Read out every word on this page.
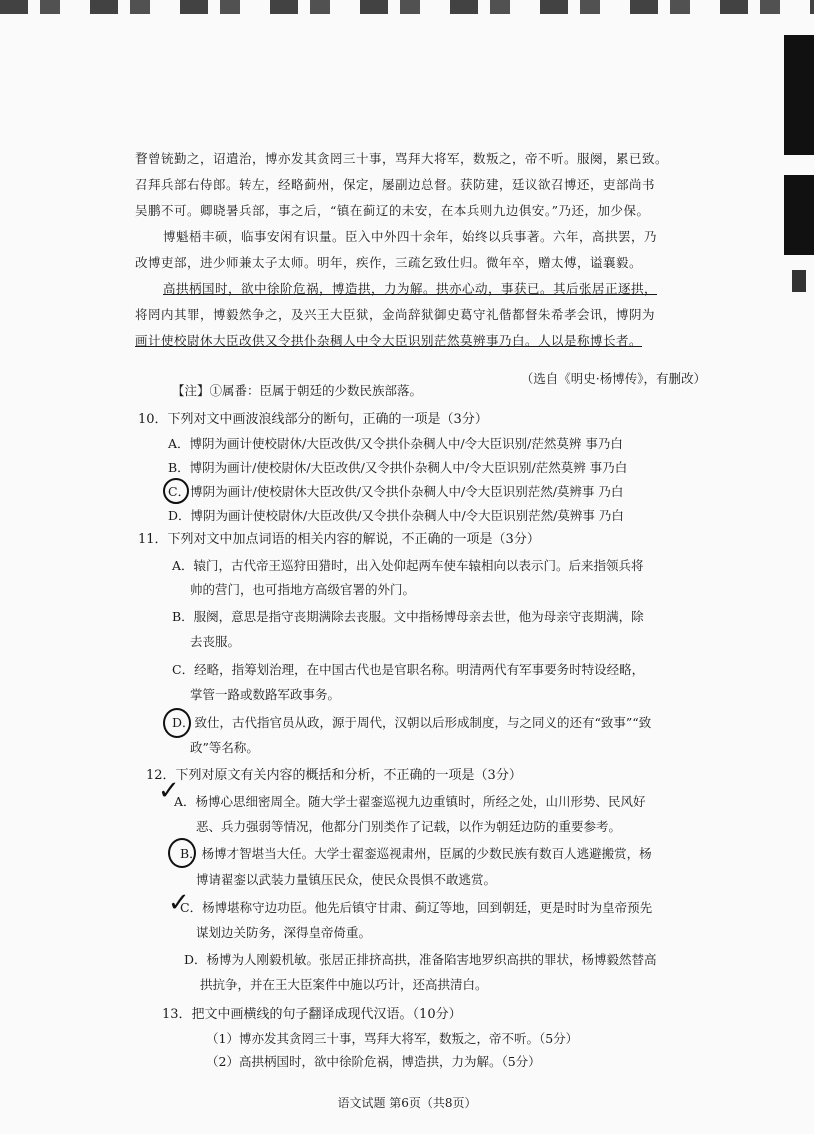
瞀曾铳勤之，诏遣治，博亦发其贪罔三十事，骂拜大将军，数叛之，帝不听。服阕，累已致。

召拜兵部右侍郎。转左，经略蓟州，保定，屡副边总督。获防建，廷议欲召博还，吏部尚书

吴鹏不可。卿晓暑兵部，事之后，“镇在蓟辽的未安，在本兵则九边俱安。”乃还，加少保。

博魁梧丰硕，临事安闲有识量。臣入中外四十余年，始终以兵事著。六年，高拱罢，乃

改博吏部，进少师兼太子太师。明年，疾作，三疏乞致仕归。微年卒，赠太傅，谥襄毅。

高拱柄国时，欲中徐阶危祸，博造拱，力为解。拱亦心动，事获已。其后张居正逐拱，

将罔内其罪，博毅然争之，及兴王大臣狱，金尚辞狱御史葛守礼偕都督朱希孝会讯，博阴为

画计使校尉休大臣改供又令拱仆杂稠人中令大臣识别茫然莫辨事乃白。人以是称博长者。

（选自《明史·杨博传》，有删改）
【注】①属番：臣属于朝廷的少数民族部落。
10．下列对文中画波浪线部分的断句，正确的一项是（3分）
A．博阴为画计使校尉休/大臣改供/又令拱仆杂稠人中/令大臣识别/茫然莫辨 事乃白
B．博阴为画计/使校尉休/大臣改供/又令拱仆杂稠人中/令大臣识别/茫然莫辨 事乃白
C．博阴为画计/使校尉休大臣改供/又令拱仆杂稠人中/令大臣识别茫然/莫辨事 乃白
D．博阴为画计使校尉休/大臣改供/又令拱仆杂稠人中/令大臣识别茫然/莫辨事 乃白
11．下列对文中加点词语的相关内容的解说，不正确的一项是（3分）
A．辕门，古代帝王巡狩田猎时，出入处仰起两车使车辕相向以表示门。后来指领兵将
帅的营门，也可指地方高级官署的外门。
B．服阕，意思是指守丧期满除去丧服。文中指杨博母亲去世，他为母亲守丧期满，除
去丧服。
C．经略，指筹划治理，在中国古代也是官职名称。明清两代有军事要务时特设经略，
掌管一路或数路军政事务。
D．致仕，古代指官员从政，源于周代，汉朝以后形成制度，与之同义的还有“致事”“致
政”等名称。
12．下列对原文有关内容的概括和分析，不正确的一项是（3分）
A．杨博心思细密周全。随大学士翟銮巡视九边重镇时，所经之处，山川形势、民风好
恶、兵力强弱等情况，他都分门别类作了记载，以作为朝廷边防的重要参考。
B．杨博才智堪当大任。大学士翟銮巡视肃州，臣属的少数民族有数百人逃避搬赏，杨
博请翟銮以武装力量镇压民众，使民众畏惧不敢逃赏。
C．杨博堪称守边功臣。他先后镇守甘肃、蓟辽等地，回到朝廷，更是时时为皇帝预先
谋划边关防务，深得皇帝倚重。
D．杨博为人刚毅机敏。张居正排挤高拱，准备陷害地罗织高拱的罪状，杨博毅然替高
拱抗争，并在王大臣案件中施以巧计，还高拱清白。
✓
✓
13．把文中画横线的句子翻译成现代汉语。（10分）
（1）博亦发其贪罔三十事，骂拜大将军，数叛之，帝不听。（5分）
（2）高拱柄国时，欲中徐阶危祸，博造拱，力为解。（5分）
语文试题 第6页（共8页）
